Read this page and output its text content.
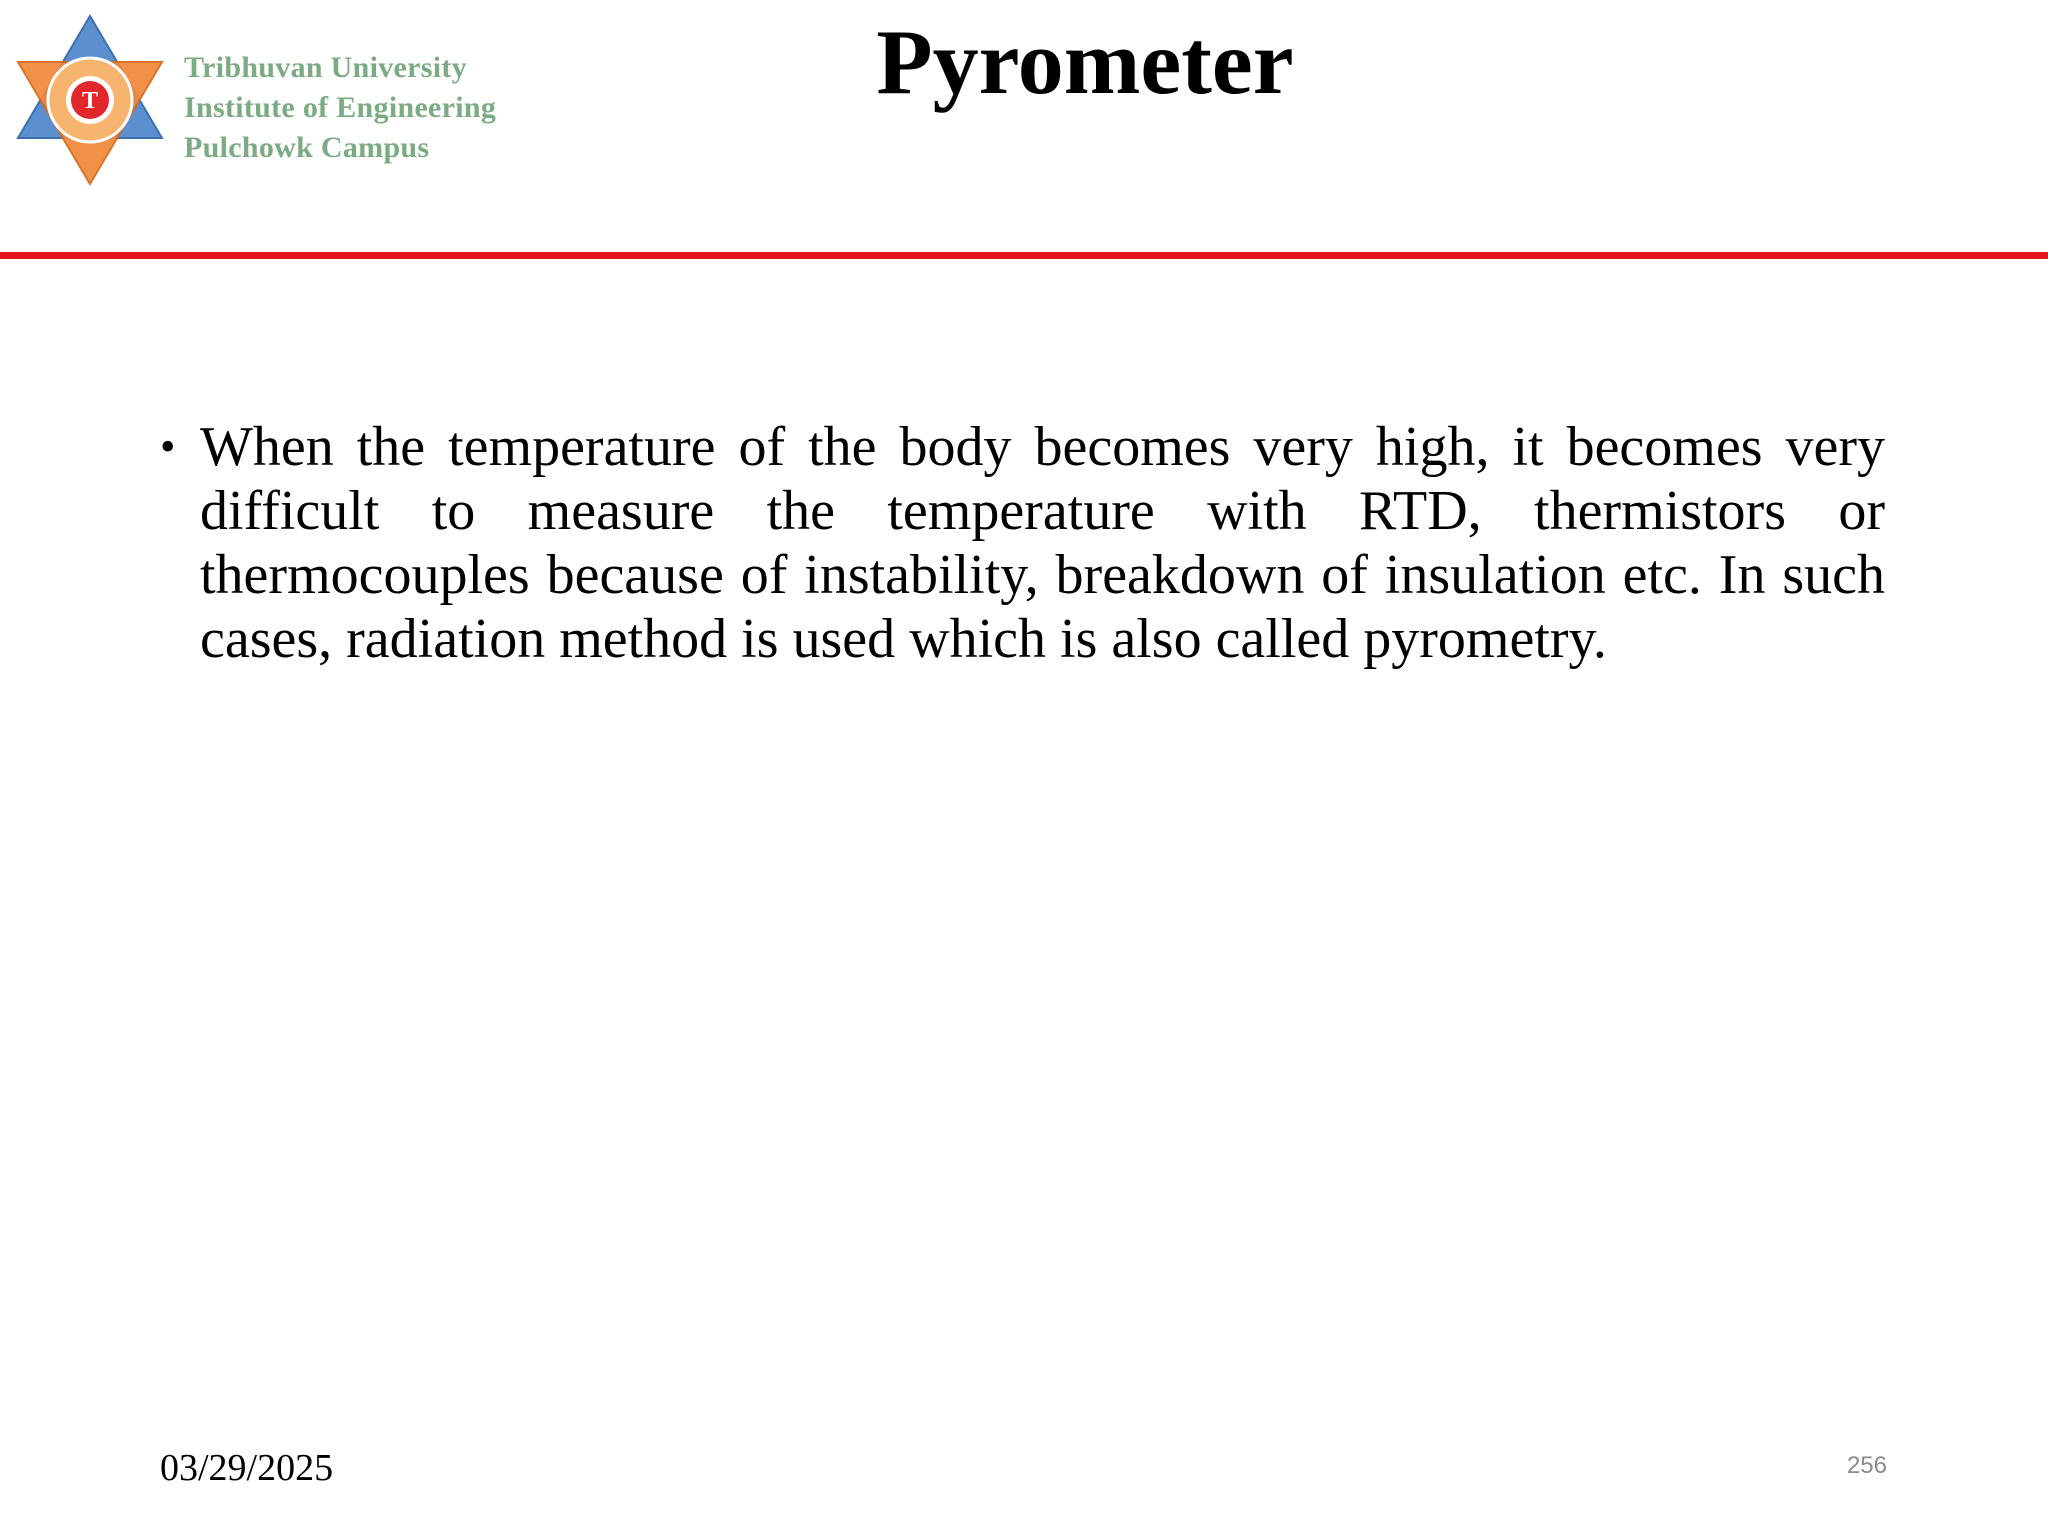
T
Tribhuvan University
Institute of Engineering
Pulchowk Campus
Pyrometer
• When the temperature of the body becomes very high, it becomes very difficult to measure the temperature with RTD, thermistors or thermocouples because of instability, breakdown of insulation etc. In such cases, radiation method is used which is also called pyrometry.
03/29/2025	256
